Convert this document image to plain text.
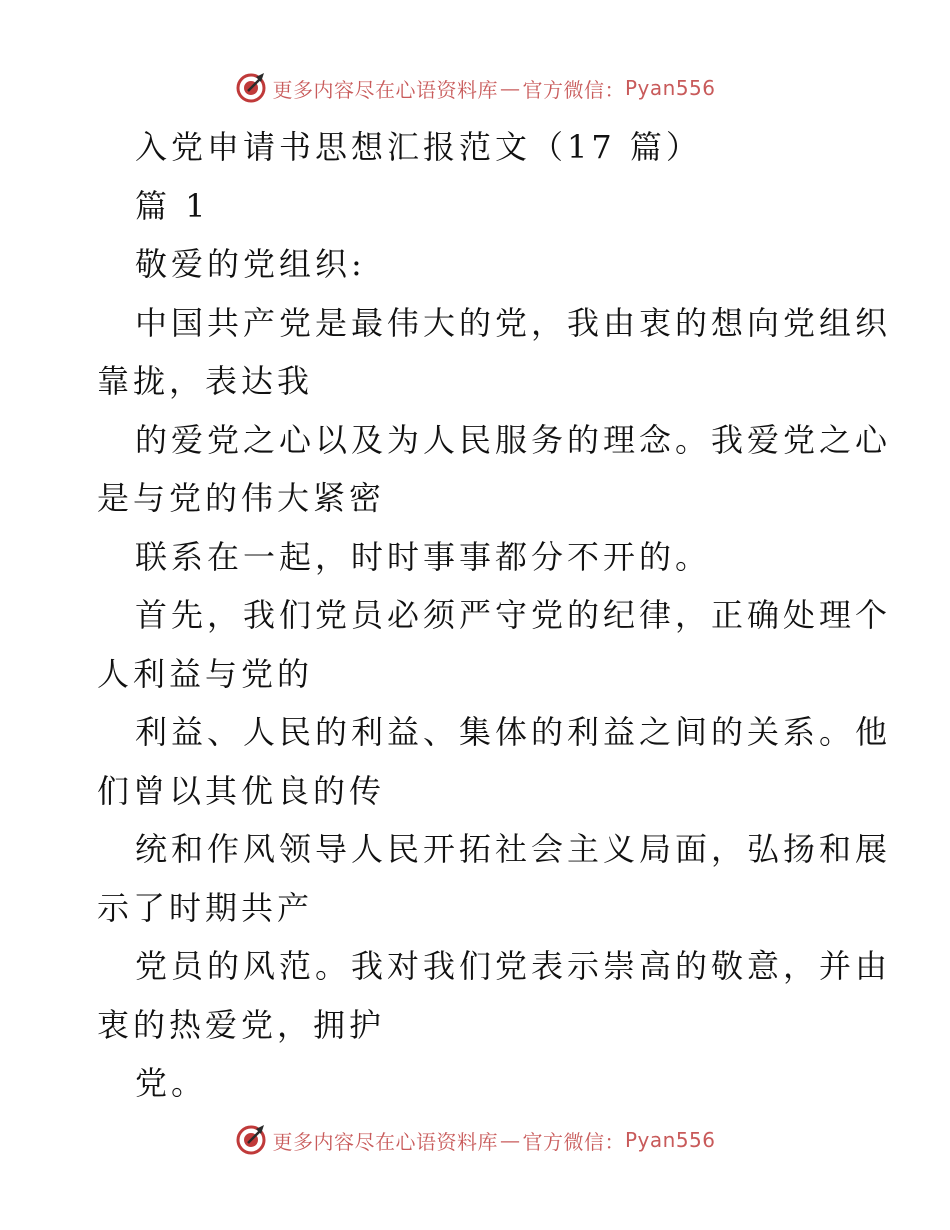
更多内容尽在心语资料库 — 官方微信： Pyan556
入党申请书思想汇报范文（17 篇）
篇 1
敬爱的党组织:
中国共产党是最伟大的党，我由衷的想向党组织
靠拢，表达我
的爱党之心以及为人民服务的理念。我爱党之心
是与党的伟大紧密
联系在一起，时时事事都分不开的。
首先，我们党员必须严守党的纪律，正确处理个
人利益与党的
利益、人民的利益、集体的利益之间的关系。他
们曾以其优良的传
统和作风领导人民开拓社会主义局面，弘扬和展
示了时期共产
党员的风范。我对我们党表示崇高的敬意，并由
衷的热爱党，拥护
党。
更多内容尽在心语资料库 — 官方微信： Pyan556
